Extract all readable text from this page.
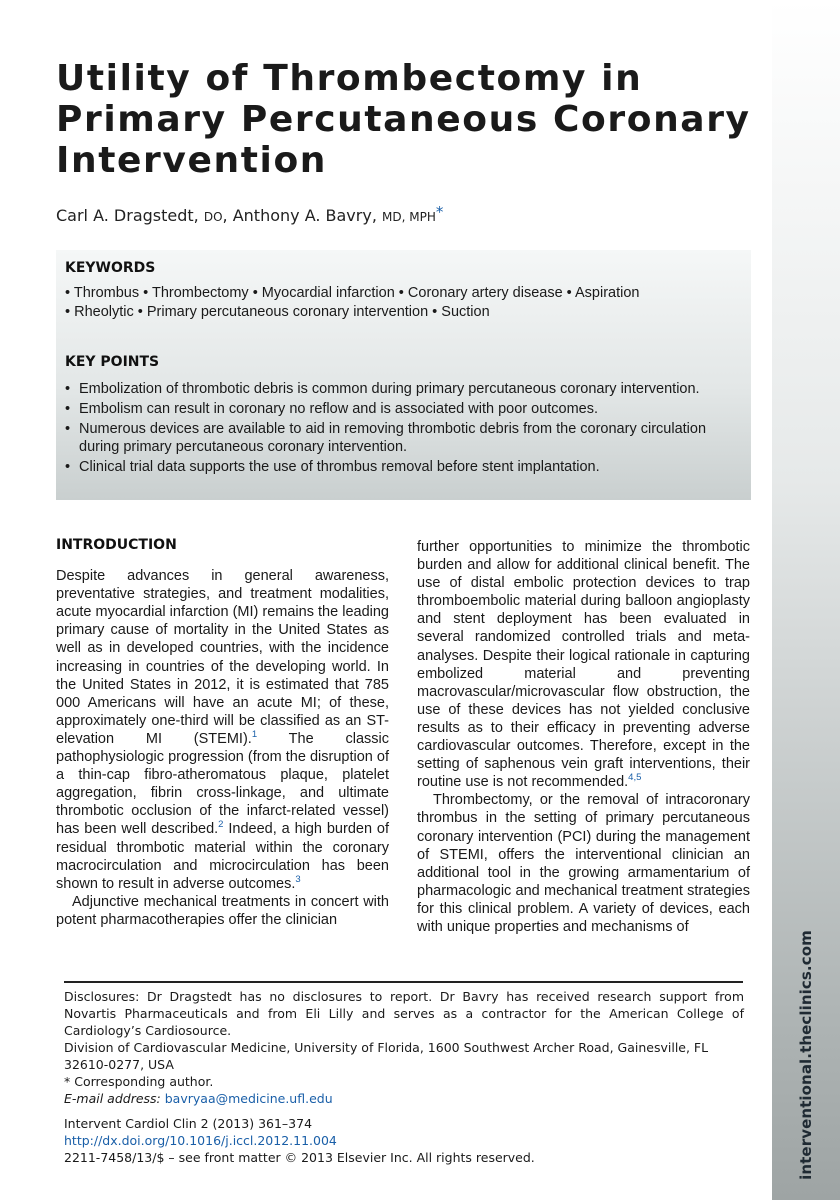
Utility of Thrombectomy in
Primary Percutaneous Coronary
Intervention
Carl A. Dragstedt, DO, Anthony A. Bavry, MD, MPH*
KEYWORDS
• Thrombus • Thrombectomy • Myocardial infarction • Coronary artery disease • Aspiration
• Rheolytic • Primary percutaneous coronary intervention • Suction
KEY POINTS
• Embolization of thrombotic debris is common during primary percutaneous coronary intervention.
• Embolism can result in coronary no reflow and is associated with poor outcomes.
• Numerous devices are available to aid in removing thrombotic debris from the coronary circulation during primary percutaneous coronary intervention.
• Clinical trial data supports the use of thrombus removal before stent implantation.
INTRODUCTION

Despite advances in general awareness, preventative strategies, and treatment modalities, acute myocardial infarction (MI) remains the leading primary cause of mortality in the United States as well as in developed countries, with the incidence increasing in countries of the developing world. In the United States in 2012, it is estimated that 785 000 Americans will have an acute MI; of these, approximately one-third will be classified as an ST-elevation MI (STEMI).$^1$ The classic pathophysiologic progression (from the disruption of a thin-cap fibro-atheromatous plaque, platelet aggregation, fibrin cross-linkage, and ultimate thrombotic occlusion of the infarct-related vessel) has been well described.$^2$ Indeed, a high burden of residual thrombotic material within the coronary macrocirculation and microcirculation has been shown to result in adverse outcomes.$^3$

Adjunctive mechanical treatments in concert with potent pharmacotherapies offer the clinician

further opportunities to minimize the thrombotic burden and allow for additional clinical benefit. The use of distal embolic protection devices to trap thromboembolic material during balloon angioplasty and stent deployment has been evaluated in several randomized controlled trials and meta-analyses. Despite their logical rationale in capturing embolized material and preventing macrovascular/microvascular flow obstruction, the use of these devices has not yielded conclusive results as to their efficacy in preventing adverse cardiovascular outcomes. Therefore, except in the setting of saphenous vein graft interventions, their routine use is not recommended.$^{4,5}$

Thrombectomy, or the removal of intracoronary thrombus in the setting of primary percutaneous coronary intervention (PCI) during the management of STEMI, offers the interventional clinician an additional tool in the growing armamentarium of pharmacologic and mechanical treatment strategies for this clinical problem. A variety of devices, each with unique properties and mechanisms of

Disclosures: Dr Dragstedt has no disclosures to report. Dr Bavry has received research support from Novartis Pharmaceuticals and from Eli Lilly and serves as a contractor for the American College of Cardiology’s Cardiosource.
Division of Cardiovascular Medicine, University of Florida, 1600 Southwest Archer Road, Gainesville, FL 32610-0277, USA
* Corresponding author.
E-mail address: bavryaa@medicine.ufl.edu
Intervent Cardiol Clin 2 (2013) 361–374
http://dx.doi.org/10.1016/j.iccl.2012.11.004
2211-7458/13/$ – see front matter © 2013 Elsevier Inc. All rights reserved.	interventional.theclinics.com
